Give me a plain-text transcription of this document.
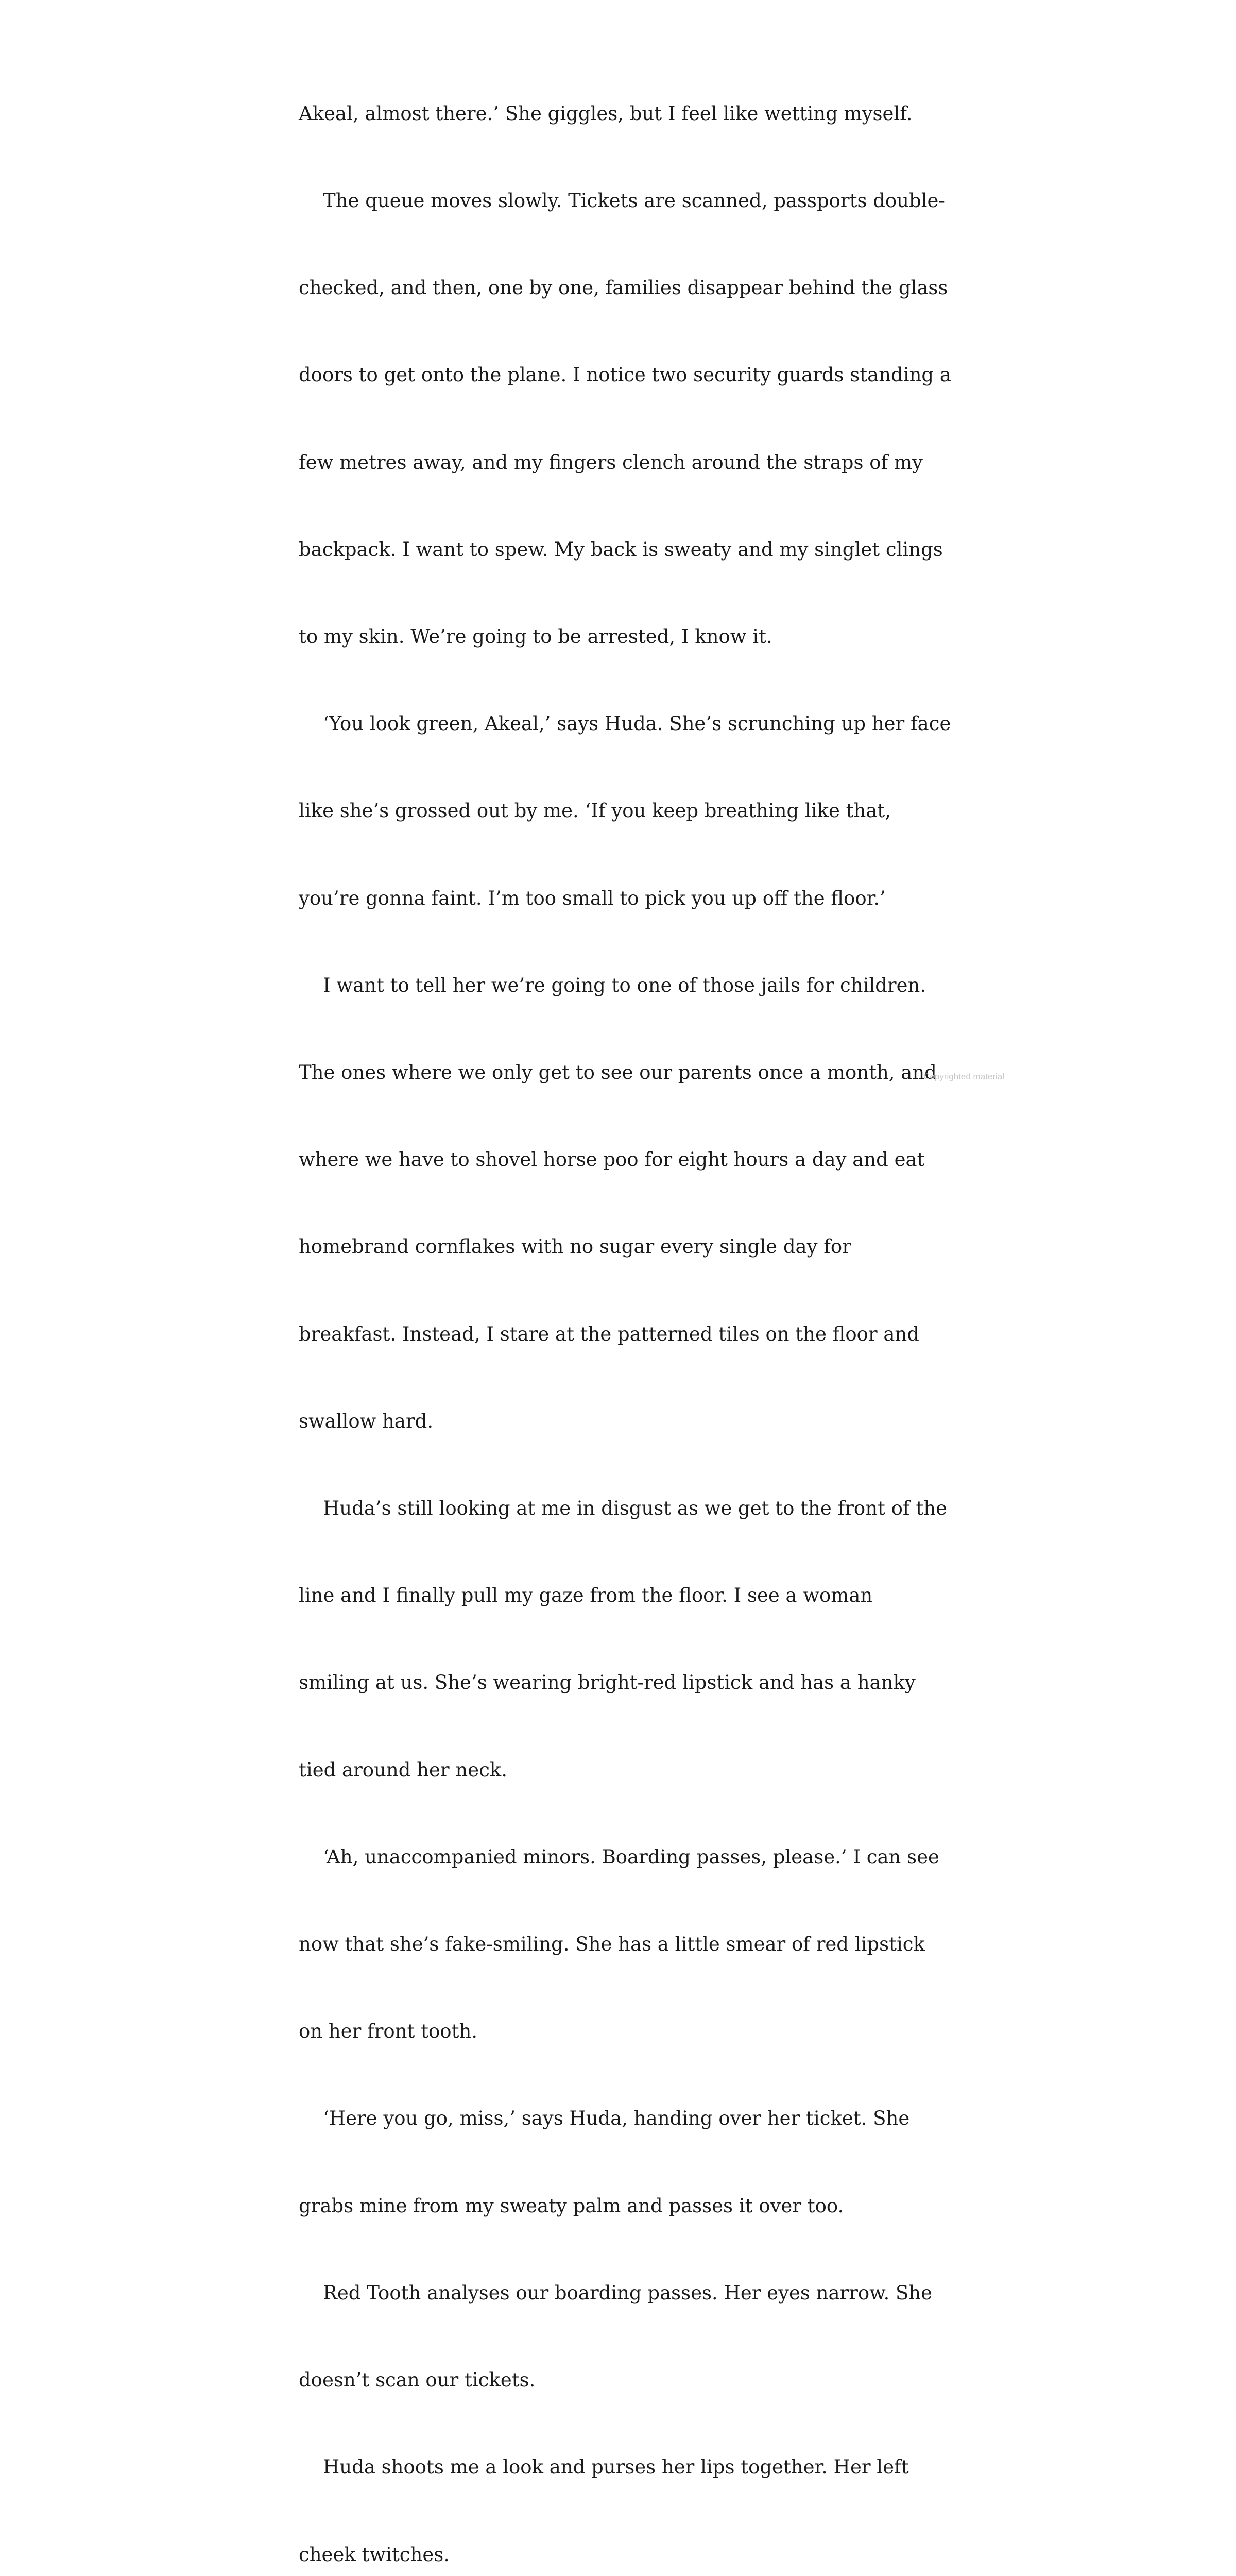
Akeal, almost there.’ She giggles, but I feel like wetting myself.

The queue moves slowly. Tickets are scanned, passports double-

checked, and then, one by one, families disappear behind the glass

doors to get onto the plane. I notice two security guards standing a

few metres away, and my fingers clench around the straps of my

backpack. I want to spew. My back is sweaty and my singlet clings

to my skin. We’re going to be arrested, I know it.

‘You look green, Akeal,’ says Huda. She’s scrunching up her face

like she’s grossed out by me. ‘If you keep breathing like that,

you’re gonna faint. I’m too small to pick you up off the floor.’

I want to tell her we’re going to one of those jails for children.

The ones where we only get to see our parents once a month, and

where we have to shovel horse poo for eight hours a day and eat

homebrand cornflakes with no sugar every single day for

breakfast. Instead, I stare at the patterned tiles on the floor and

swallow hard.

Huda’s still looking at me in disgust as we get to the front of the

line and I finally pull my gaze from the floor. I see a woman

smiling at us. She’s wearing bright-red lipstick and has a hanky

tied around her neck.

‘Ah, unaccompanied minors. Boarding passes, please.’ I can see

now that she’s fake-smiling. She has a little smear of red lipstick

on her front tooth.

‘Here you go, miss,’ says Huda, handing over her ticket. She

grabs mine from my sweaty palm and passes it over too.

Red Tooth analyses our boarding passes. Her eyes narrow. She

doesn’t scan our tickets.

Huda shoots me a look and purses her lips together. Her left

cheek twitches.

Copyrighted material
